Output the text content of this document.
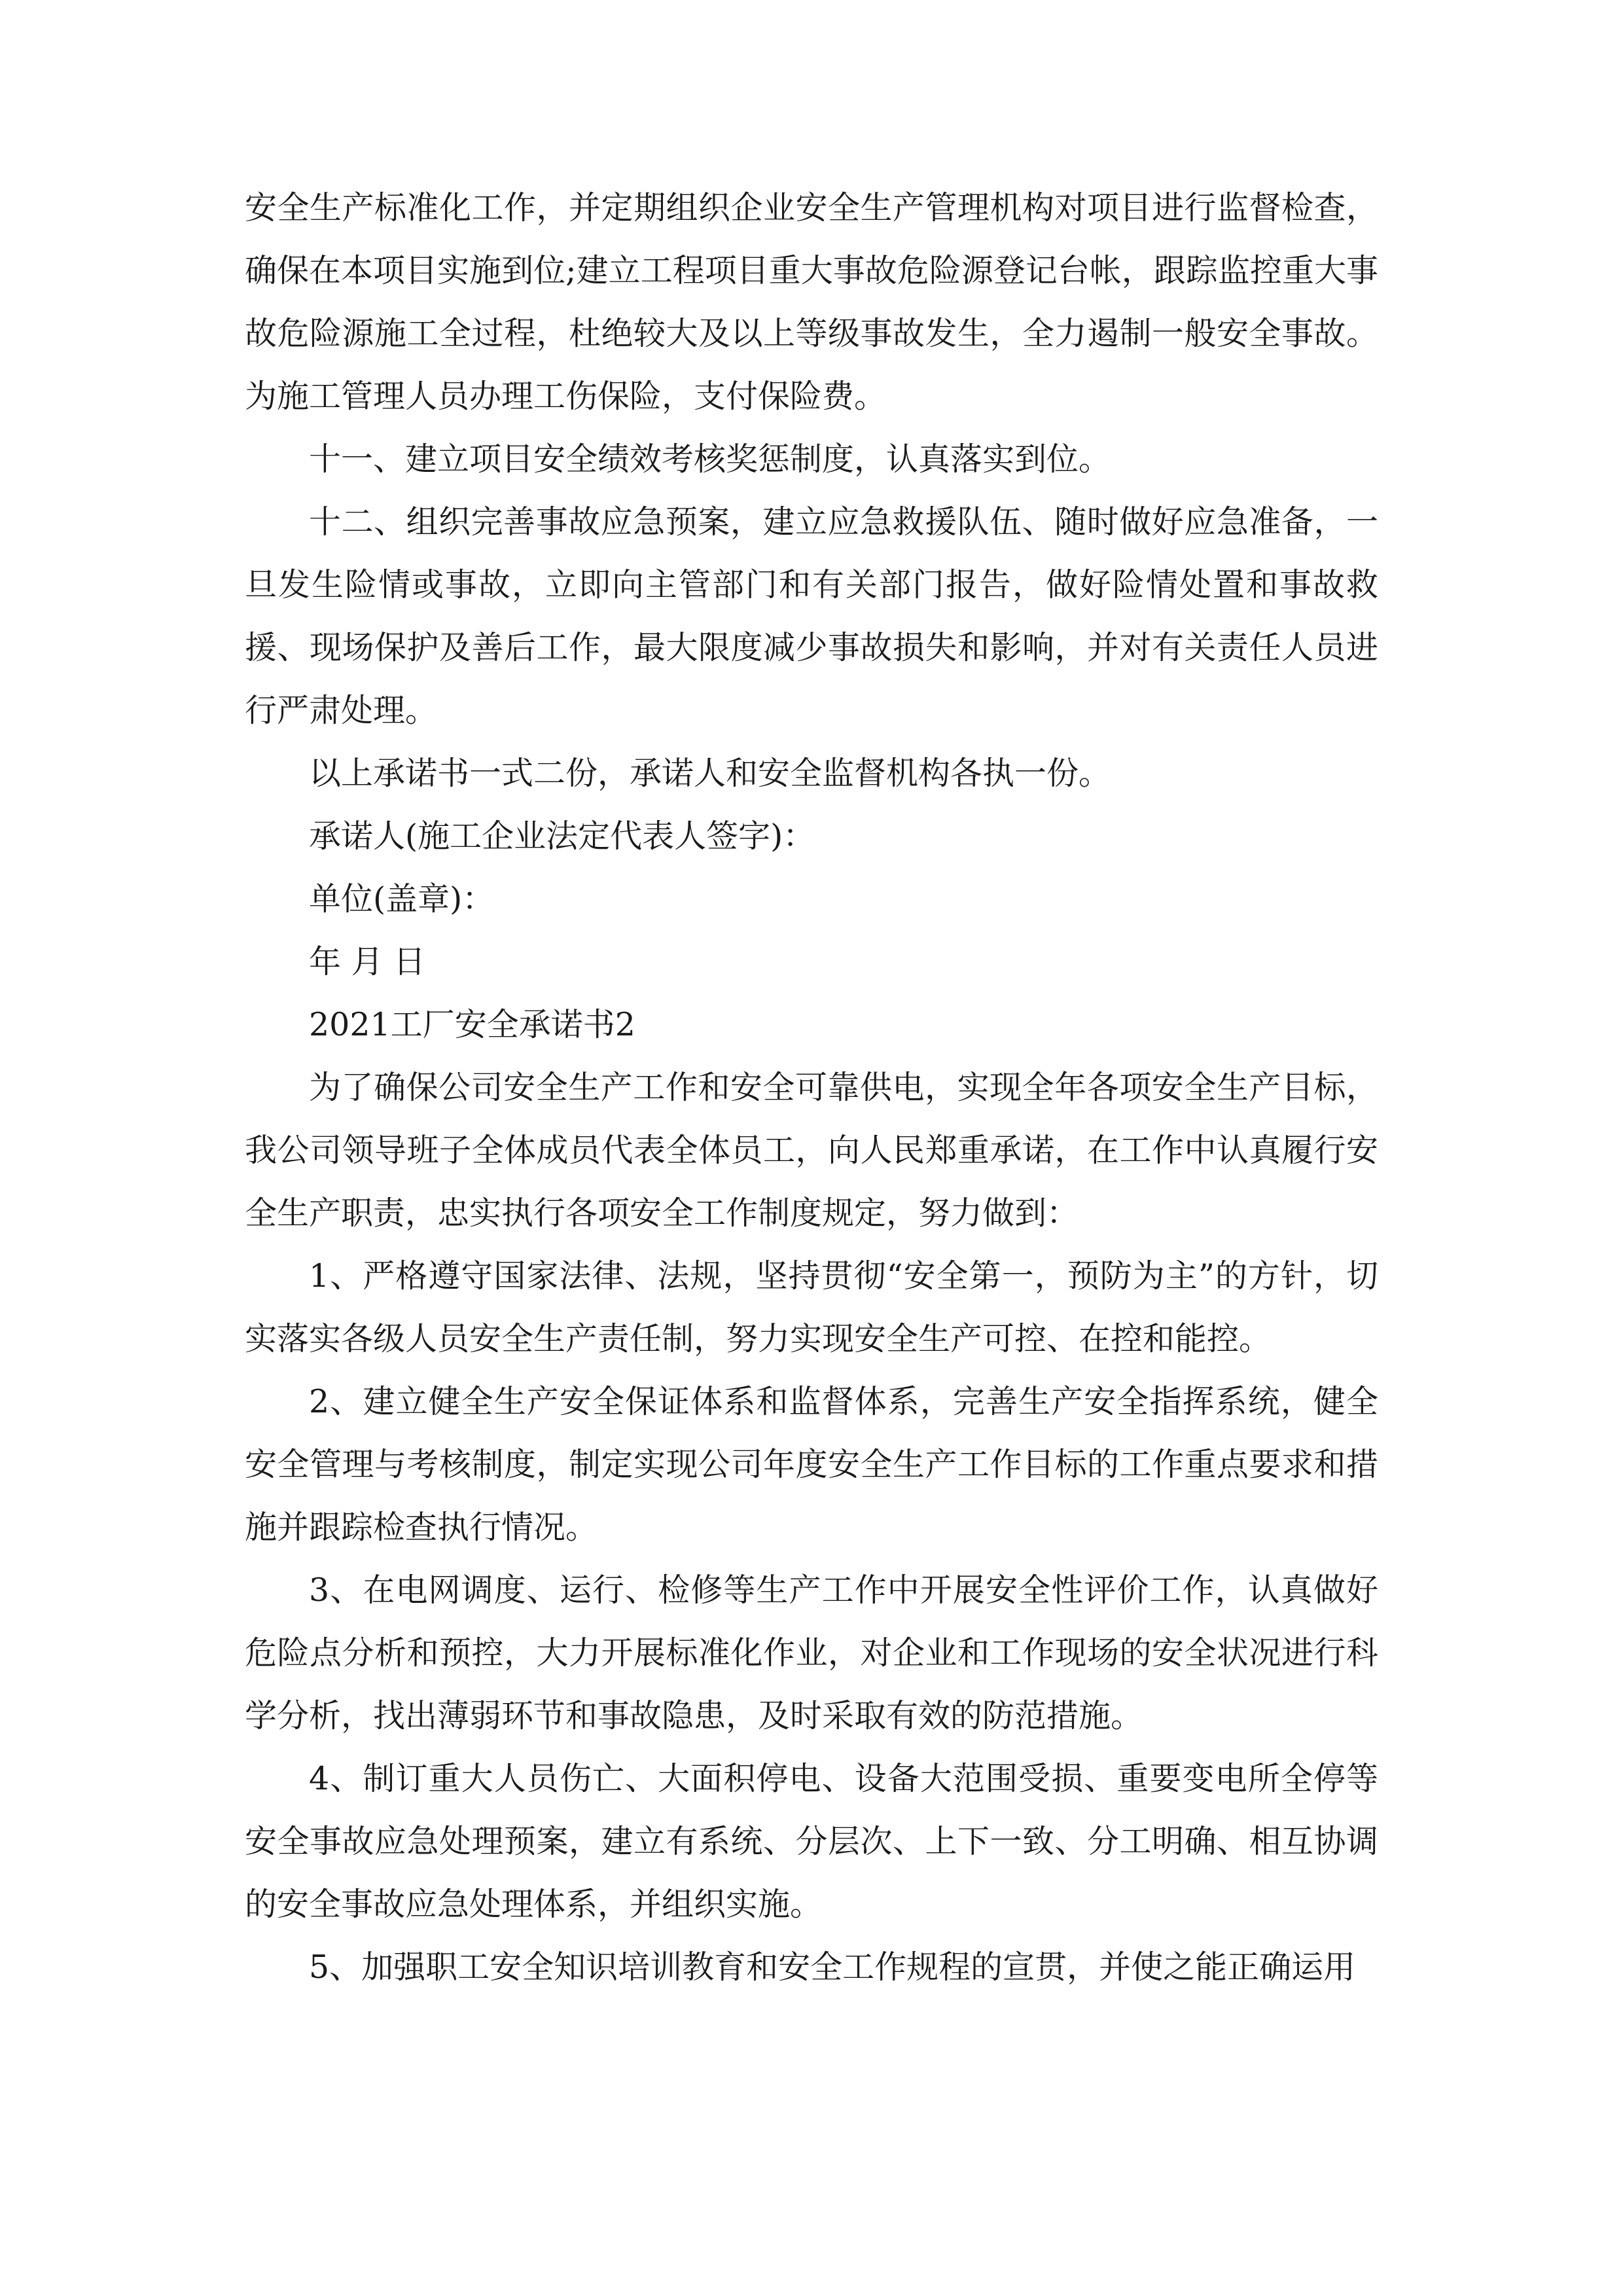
安全生产标准化工作，并定期组织企业安全生产管理机构对项目进行监督检查，确保在本项目实施到位;建立工程项目重大事故危险源登记台帐，跟踪监控重大事故危险源施工全过程，杜绝较大及以上等级事故发生，全力遏制一般安全事故。为施工管理人员办理工伤保险，支付保险费。

十一、建立项目安全绩效考核奖惩制度，认真落实到位。

十二、组织完善事故应急预案，建立应急救援队伍、随时做好应急准备，一旦发生险情或事故，立即向主管部门和有关部门报告，做好险情处置和事故救援、现场保护及善后工作，最大限度减少事故损失和影响，并对有关责任人员进行严肃处理。

以上承诺书一式二份，承诺人和安全监督机构各执一份。

承诺人(施工企业法定代表人签字)：

单位(盖章)：

年 月 日

2021工厂安全承诺书2

为了确保公司安全生产工作和安全可靠供电，实现全年各项安全生产目标，我公司领导班子全体成员代表全体员工，向人民郑重承诺，在工作中认真履行安全生产职责，忠实执行各项安全工作制度规定，努力做到：

1、严格遵守国家法律、法规，坚持贯彻“安全第一，预防为主”的方针，切实落实各级人员安全生产责任制，努力实现安全生产可控、在控和能控。

2、建立健全生产安全保证体系和监督体系，完善生产安全指挥系统，健全安全管理与考核制度，制定实现公司年度安全生产工作目标的工作重点要求和措施并跟踪检查执行情况。

3、在电网调度、运行、检修等生产工作中开展安全性评价工作，认真做好危险点分析和预控，大力开展标准化作业，对企业和工作现场的安全状况进行科学分析，找出薄弱环节和事故隐患，及时采取有效的防范措施。

4、制订重大人员伤亡、大面积停电、设备大范围受损、重要变电所全停等安全事故应急处理预案，建立有系统、分层次、上下一致、分工明确、相互协调的安全事故应急处理体系，并组织实施。

5、加强职工安全知识培训教育和安全工作规程的宣贯，并使之能正确运用
